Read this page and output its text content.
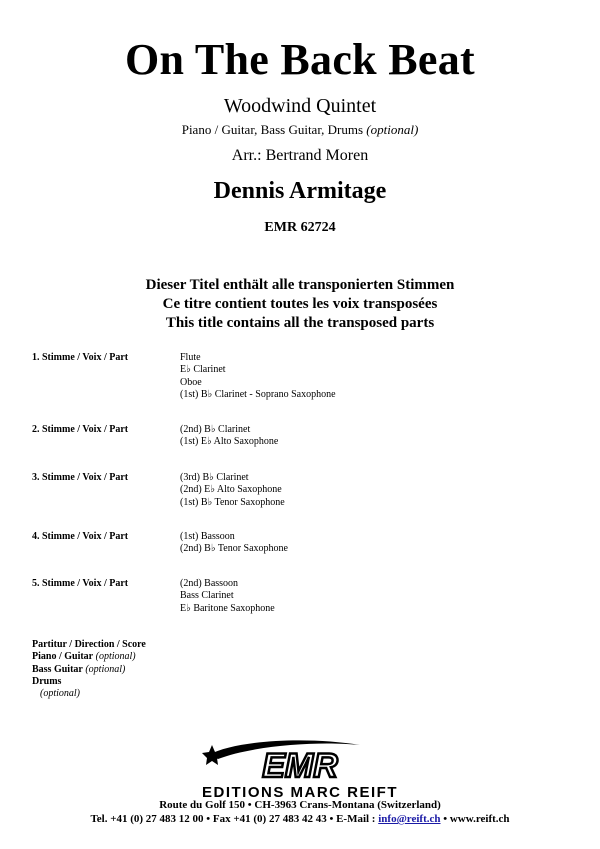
On The Back Beat
Woodwind Quintet
Piano / Guitar, Bass Guitar, Drums (optional)
Arr.: Bertrand Moren
Dennis Armitage
EMR 62724
Dieser Titel enthält alle transponierten Stimmen
Ce titre contient toutes les voix transposées
This title contains all the transposed parts
1. Stimme / Voix / Part	Flute
E♭ Clarinet
Oboe
(1st) B♭ Clarinet - Soprano Saxophone
2. Stimme / Voix / Part	(2nd) B♭ Clarinet
(1st) E♭ Alto Saxophone
3. Stimme / Voix / Part	(3rd) B♭ Clarinet
(2nd) E♭ Alto Saxophone
(1st) B♭ Tenor Saxophone
4. Stimme / Voix / Part	(1st) Bassoon
(2nd) B♭ Tenor Saxophone
5. Stimme / Voix / Part	(2nd) Bassoon
Bass Clarinet
E♭ Baritone Saxophone
Partitur / Direction / Score
Piano / Guitar (optional)
Bass Guitar (optional)
Drums
(optional)
EMR
EDITIONS MARC REIFT
Route du Golf 150 • CH-3963 Crans-Montana (Switzerland)
Tel. +41 (0) 27 483 12 00 • Fax +41 (0) 27 483 42 43 • E-Mail : info@reift.ch • www.reift.ch
